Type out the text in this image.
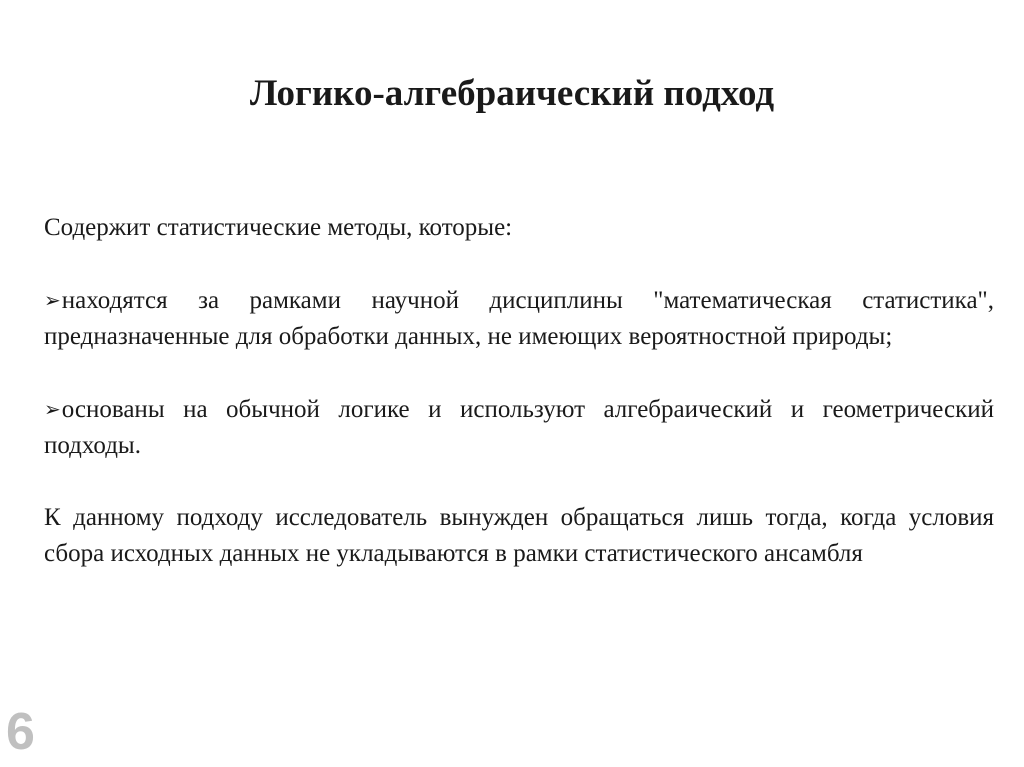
Логико-алгебраический подход

Содержит статистические методы, которые:

➢находятся за рамками научной дисциплины "математическая статистика", предназначенные для обработки данных, не имеющих вероятностной природы;

➢основаны на обычной логике и используют алгебраический и геометрический подходы.

К данному подходу исследователь вынужден обращаться лишь тогда, когда условия сбора исходных данных не укладываются в рамки статистического ансамбля

6
